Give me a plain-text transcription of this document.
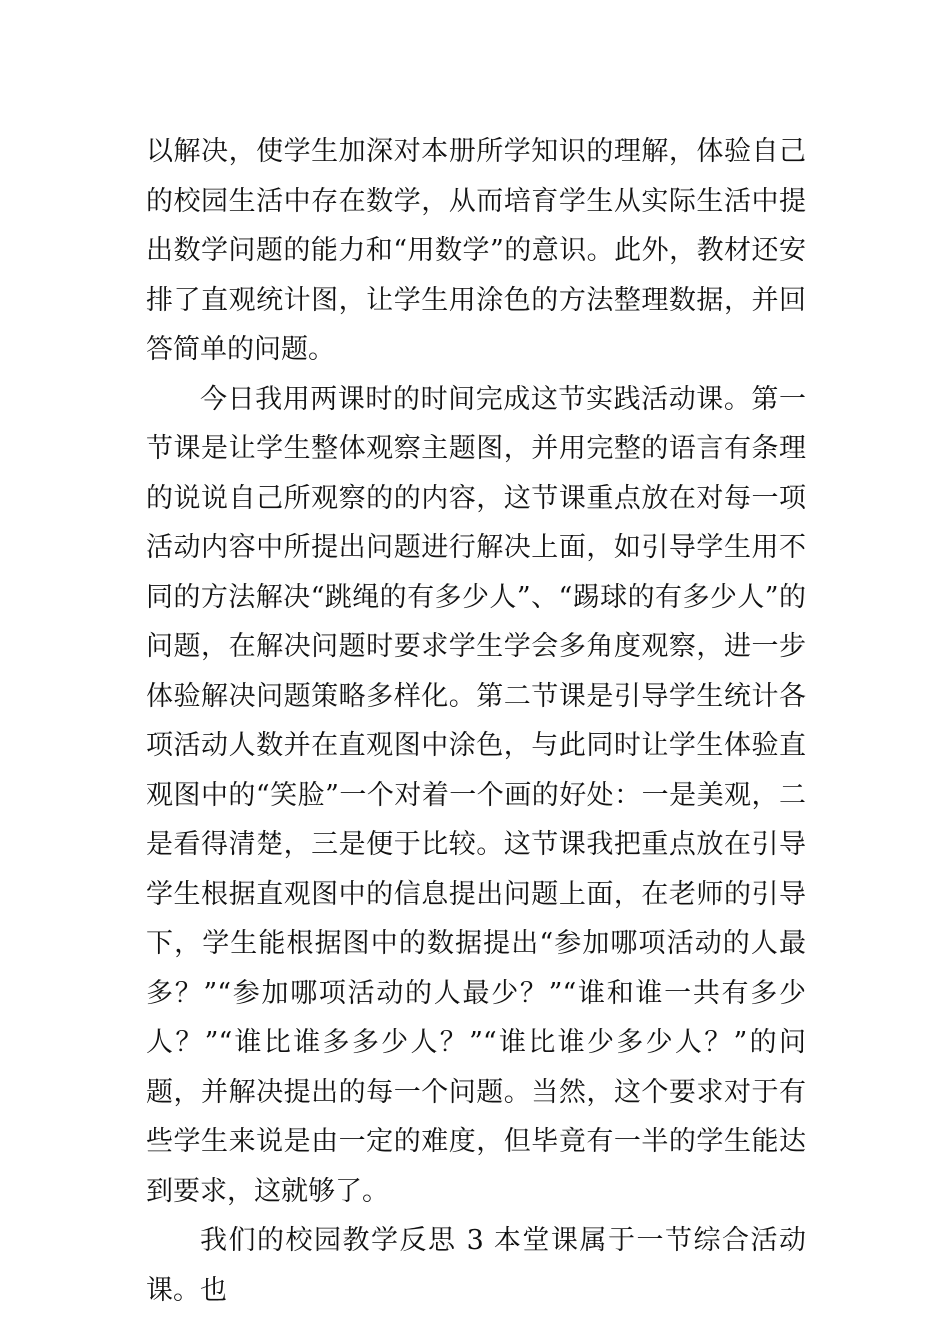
以解决，使学生加深对本册所学知识的理解，体验自己的校园生活中存在数学，从而培育学生从实际生活中提出数学问题的能力和“用数学”的意识。此外，教材还安排了直观统计图，让学生用涂色的方法整理数据，并回答简单的问题。

今日我用两课时的时间完成这节实践活动课。第一节课是让学生整体观察主题图，并用完整的语言有条理的说说自己所观察的的内容，这节课重点放在对每一项活动内容中所提出问题进行解决上面，如引导学生用不同的方法解决“跳绳的有多少人”、“踢球的有多少人”的问题，在解决问题时要求学生学会多角度观察，进一步体验解决问题策略多样化。第二节课是引导学生统计各项活动人数并在直观图中涂色，与此同时让学生体验直观图中的“笑脸”一个对着一个画的好处：一是美观，二是看得清楚，三是便于比较。这节课我把重点放在引导学生根据直观图中的信息提出问题上面，在老师的引导下，学生能根据图中的数据提出“参加哪项活动的人最多？”“参加哪项活动的人最少？”“谁和谁一共有多少人？”“谁比谁多多少人？”“谁比谁少多少人？”的问题，并解决提出的每一个问题。当然，这个要求对于有些学生来说是由一定的难度，但毕竟有一半的学生能达到要求，这就够了。

我们的校园教学反思 3 本堂课属于一节综合活动课。也
